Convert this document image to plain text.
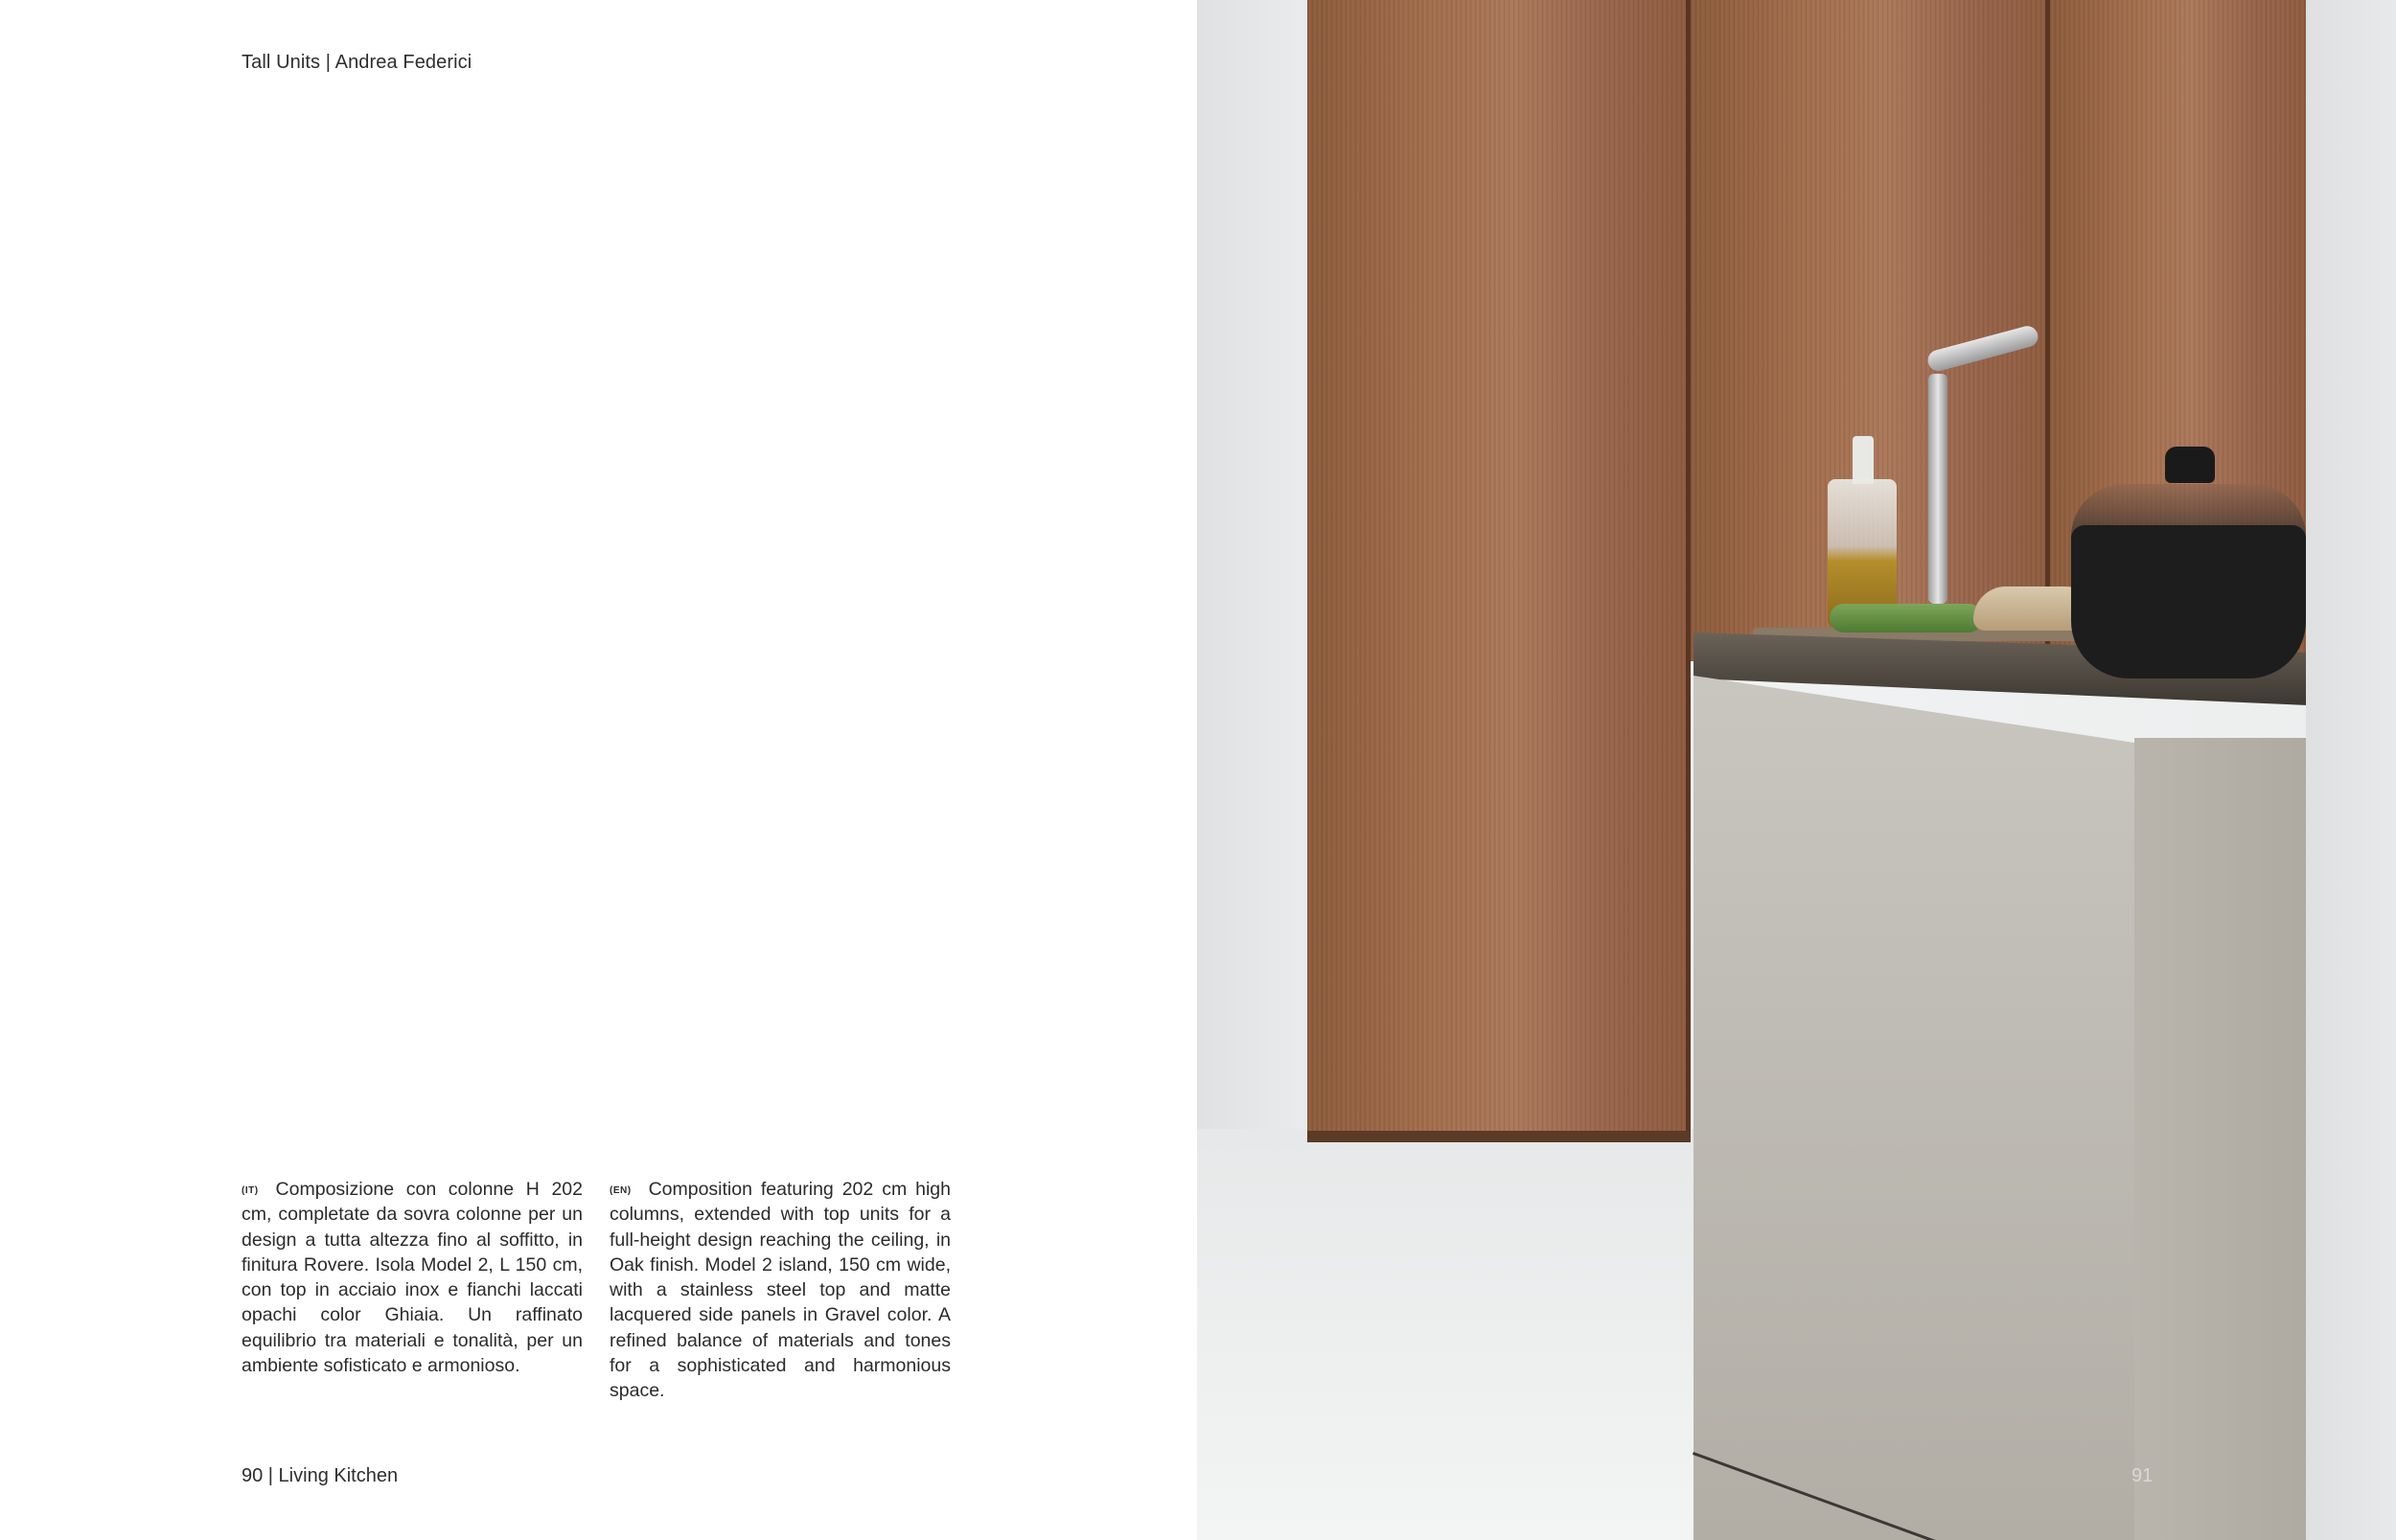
Tall Units | Andrea Federici
$^{(IT)}$ Composizione con colonne H 202 cm, completate da sovra colonne per un design a tutta altezza fino al soffitto, in finitura Rovere. Isola Model 2, L 150 cm, con top in acciaio inox e fianchi laccati opachi color Ghiaia. Un raffinato equilibrio tra materiali e tonalità, per un ambiente sofisticato e armonioso.
$^{(EN)}$ Composition featuring 202 cm high columns, extended with top units for a full-height design reaching the ceiling, in Oak finish. Model 2 island, 150 cm wide, with a stainless steel top and matte lacquered side panels in Gravel color. A refined balance of materials and tones for a sophisticated and harmonious space.
90 | Living Kitchen	91
